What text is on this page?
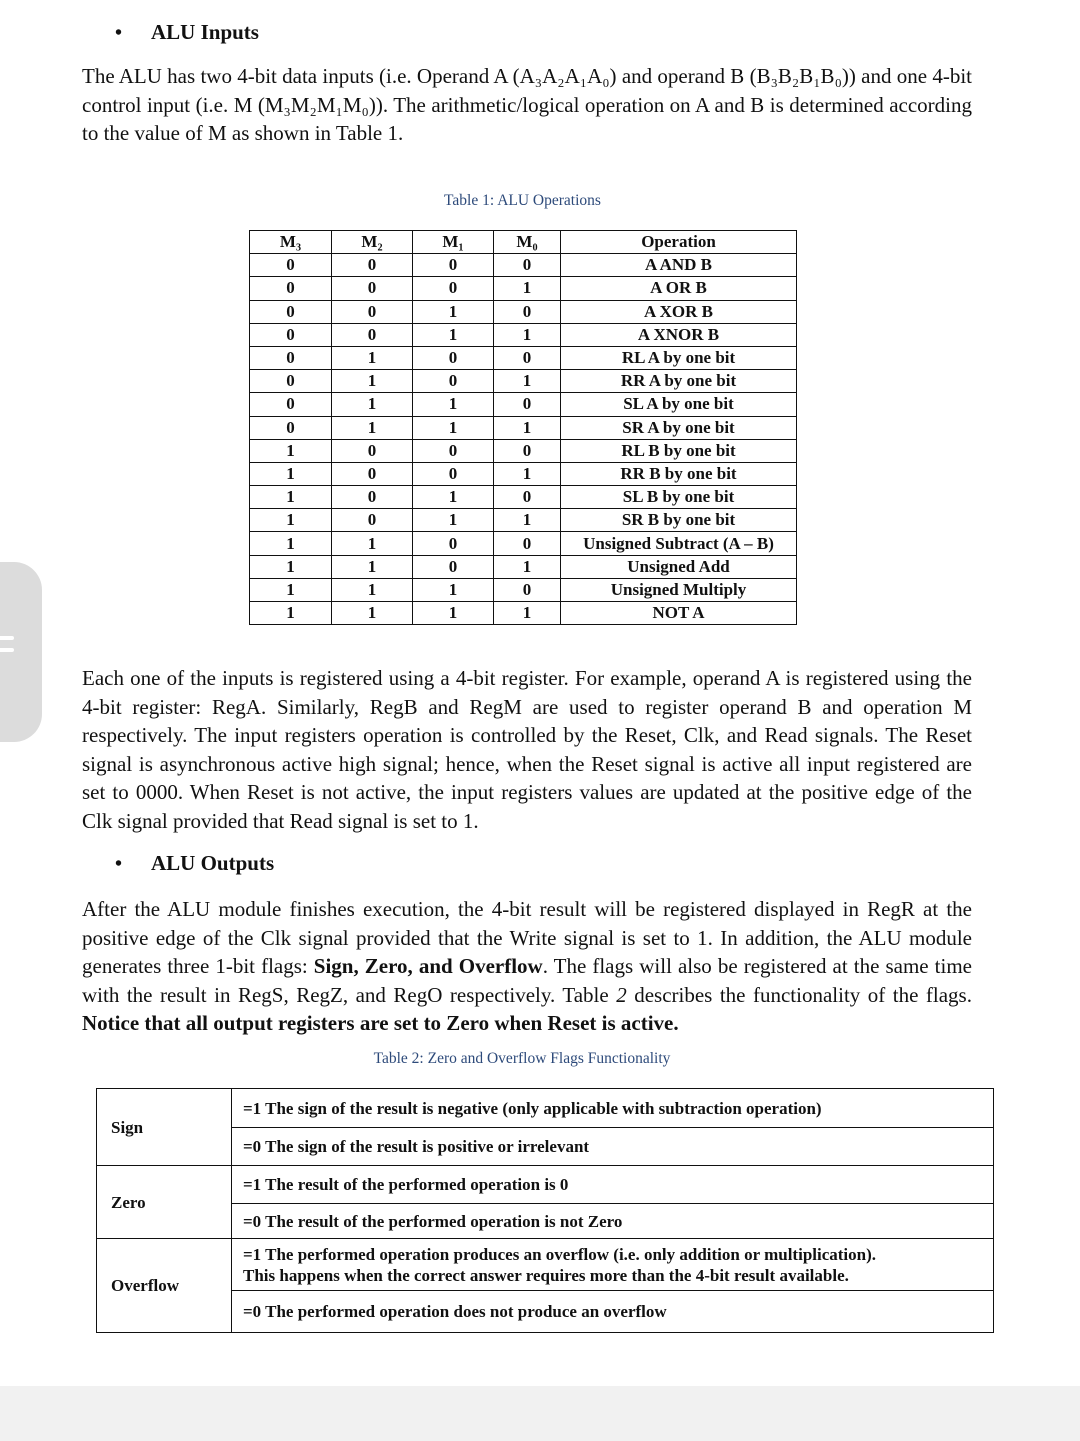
• ALU Inputs
The ALU has two 4-bit data inputs (i.e. Operand A (A₃A₂A₁A₀) and operand B (B₃B₂B₁B₀)) and one 4-bit control input (i.e. M (M₃M₂M₁M₀)). The arithmetic/logical operation on A and B is determined according to the value of M as shown in Table 1.
Table 1: ALU Operations
M₃	M₂	M₁	M₀	Operation
0	0	0	0	A AND B
0	0	0	1	A OR B
0	0	1	0	A XOR B
0	0	1	1	A XNOR B
0	1	0	0	RL A by one bit
0	1	0	1	RR A by one bit
0	1	1	0	SL A by one bit
0	1	1	1	SR A by one bit
1	0	0	0	RL B by one bit
1	0	0	1	RR B by one bit
1	0	1	0	SL B by one bit
1	0	1	1	SR B by one bit
1	1	0	0	Unsigned Subtract (A – B)
1	1	0	1	Unsigned Add
1	1	1	0	Unsigned Multiply
1	1	1	1	NOT A
Each one of the inputs is registered using a 4-bit register. For example, operand A is registered using the 4-bit register: RegA. Similarly, RegB and RegM are used to register operand B and operation M respectively. The input registers operation is controlled by the Reset, Clk, and Read signals. The Reset signal is asynchronous active high signal; hence, when the Reset signal is active all input registered are set to 0000. When Reset is not active, the input registers values are updated at the positive edge of the Clk signal provided that Read signal is set to 1.
• ALU Outputs
After the ALU module finishes execution, the 4-bit result will be registered displayed in RegR at the positive edge of the Clk signal provided that the Write signal is set to 1. In addition, the ALU module generates three 1-bit flags: Sign, Zero, and Overflow. The flags will also be registered at the same time with the result in RegS, RegZ, and RegO respectively. Table 2 describes the functionality of the flags. Notice that all output registers are set to Zero when Reset is active.
Table 2: Zero and Overflow Flags Functionality
Sign	=1 The sign of the result is negative (only applicable with subtraction operation)
	=0 The sign of the result is positive or irrelevant
Zero	=1 The result of the performed operation is 0
	=0 The result of the performed operation is not Zero
Overflow	=1 The performed operation produces an overflow (i.e. only addition or multiplication).
This happens when the correct answer requires more than the 4-bit result available.

	=0 The performed operation does not produce an overflow
